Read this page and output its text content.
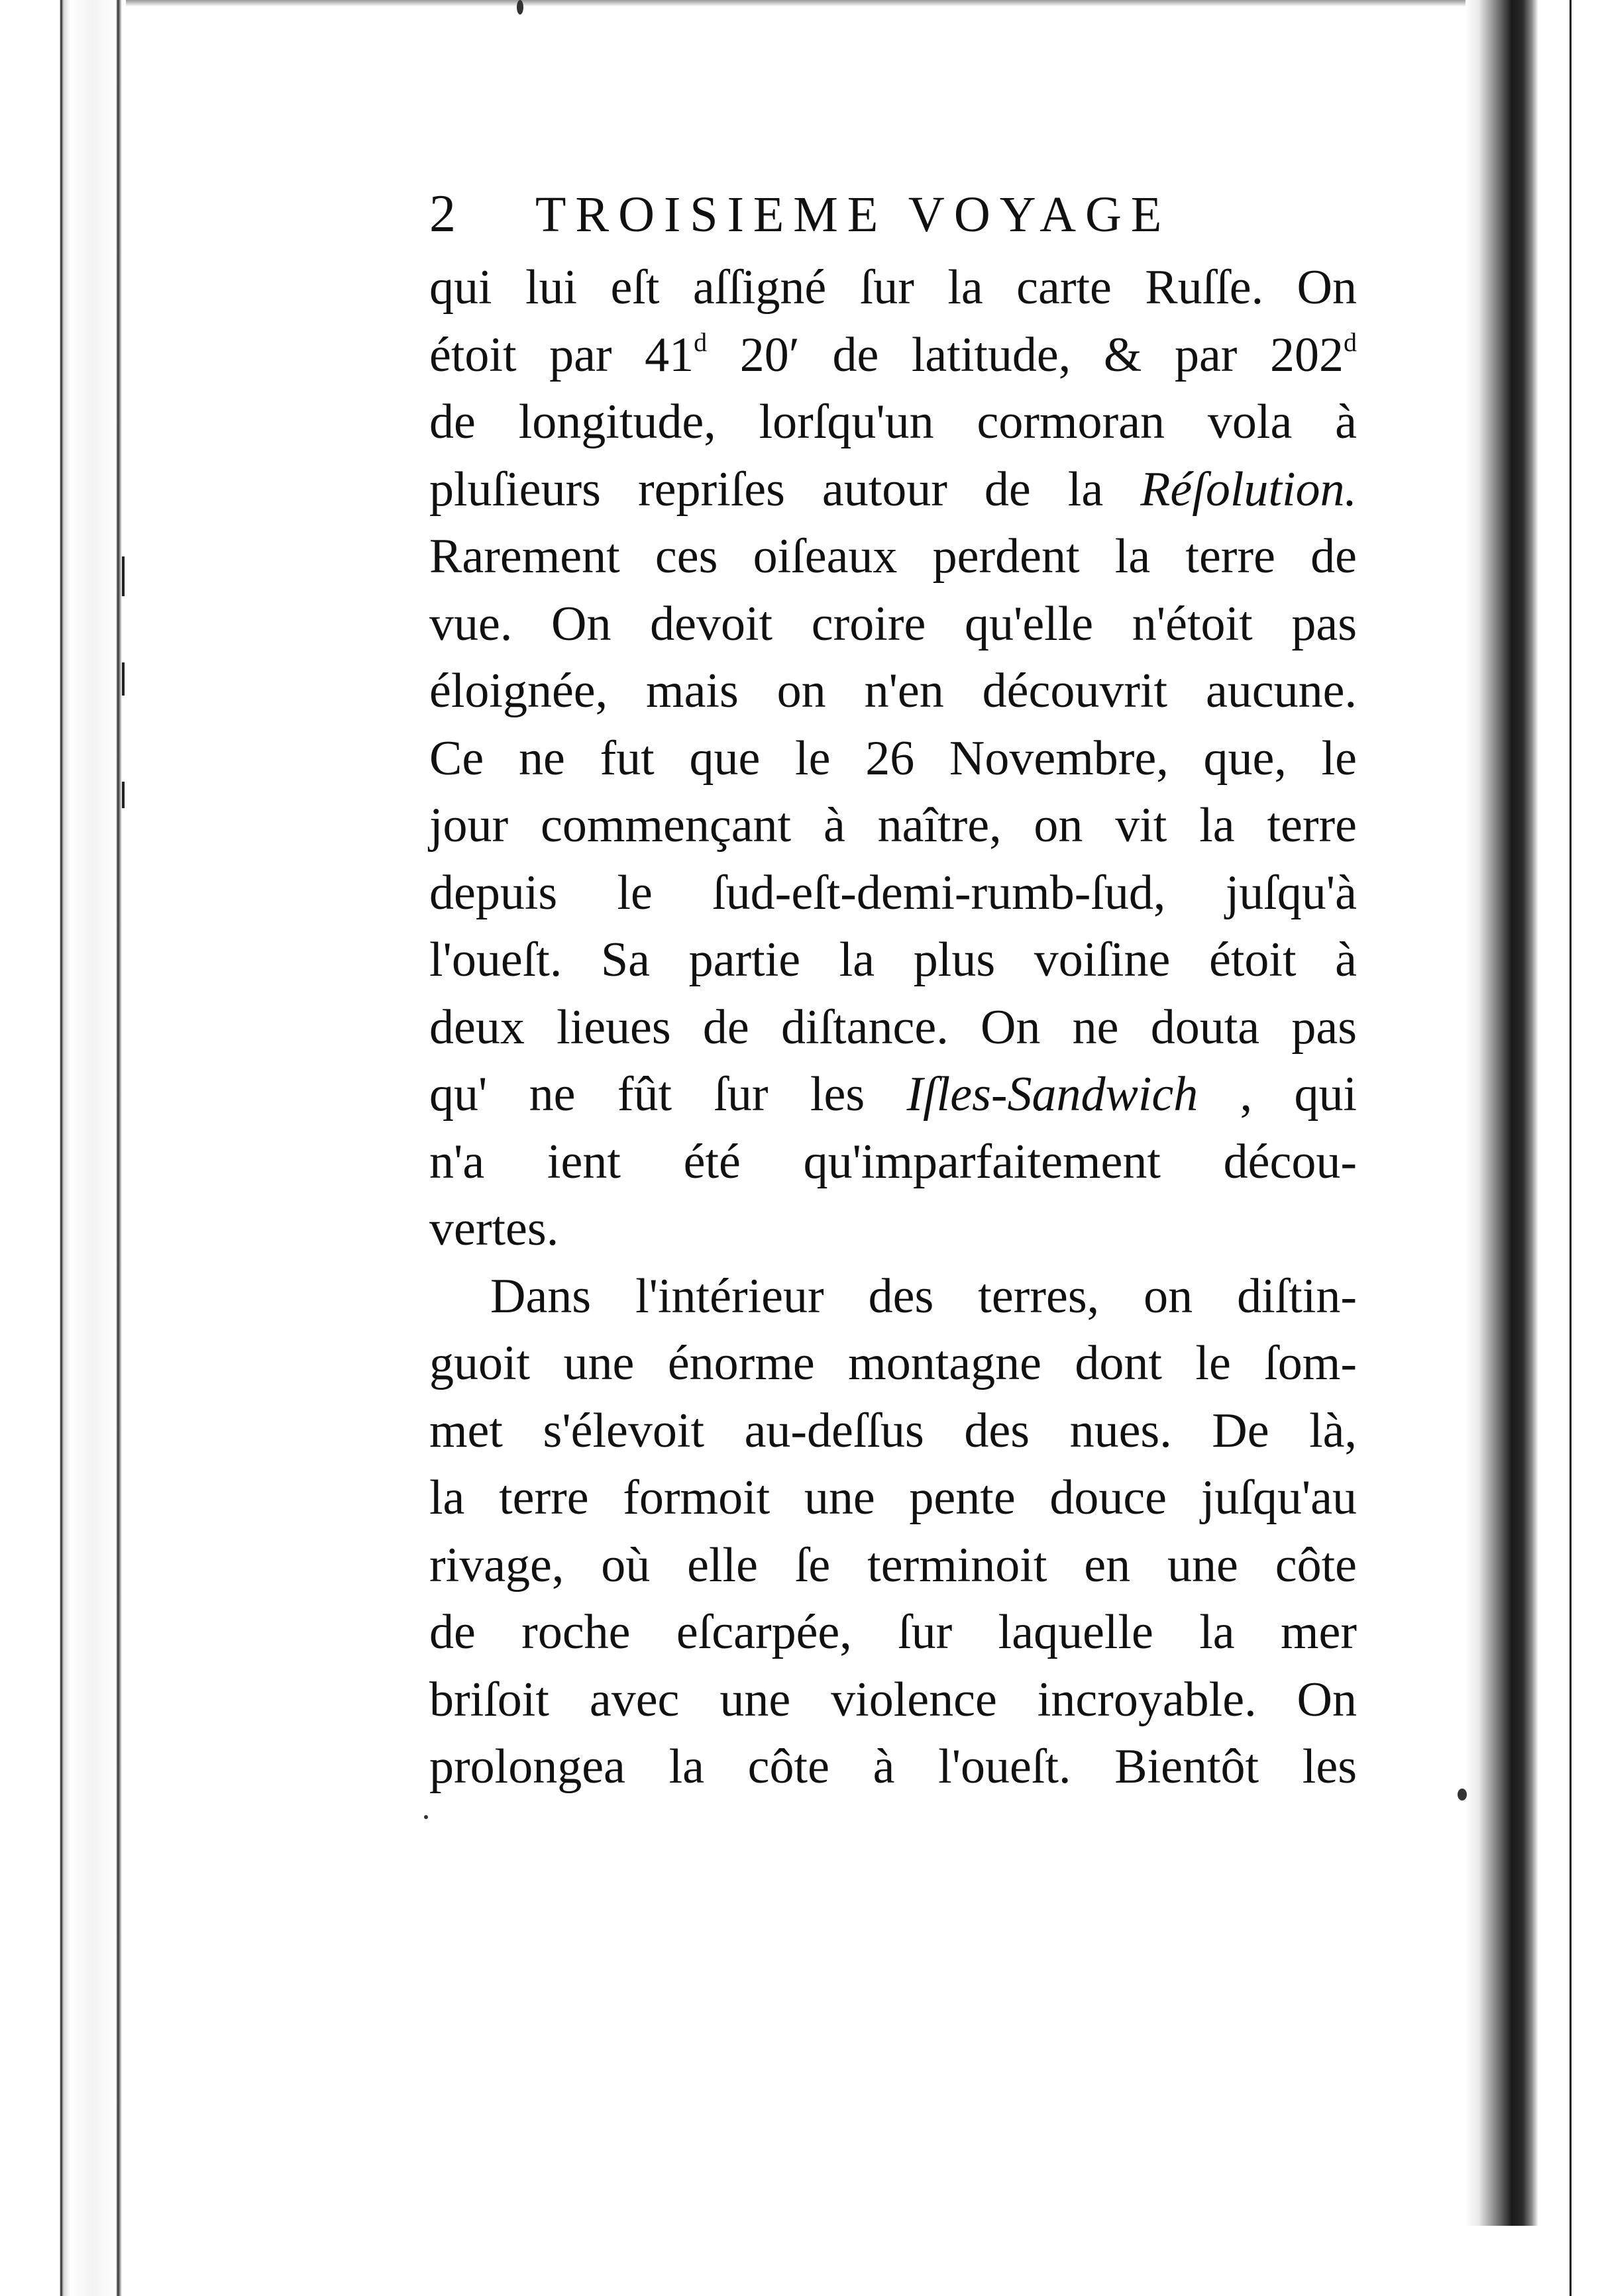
2	TROISIEME VOYAGE
qui lui eſt aſſigné ſur la carte Ruſſe. On
étoit par 41$^d$ 20′ de latitude, & par 202$^d$
de longitude, lorſqu'un cormoran vola à
pluſieurs repriſes autour de la Réſolution.
Rarement ces oiſeaux perdent la terre de
vue. On devoit croire qu'elle n'étoit pas
éloignée, mais on n'en découvrit aucune.
Ce ne fut que le 26 Novembre, que, le
jour commençant à naître, on vit la terre
depuis le ſud-eſt-demi-rumb-ſud, juſqu'à
l'oueſt. Sa partie la plus voiſine étoit à
deux lieues de diſtance. On ne douta pas
qu' ne fût ſur les Iſles-Sandwich , qui
n'a ient été qu'imparfaitement décou-
vertes.
Dans l'intérieur des terres, on diſtin-
guoit une énorme montagne dont le ſom-
met s'élevoit au-deſſus des nues. De là,
la terre formoit une pente douce juſqu'au
rivage, où elle ſe terminoit en une côte
de roche eſcarpée, ſur laquelle la mer
briſoit avec une violence incroyable. On
prolongea la côte à l'oueſt. Bientôt les
